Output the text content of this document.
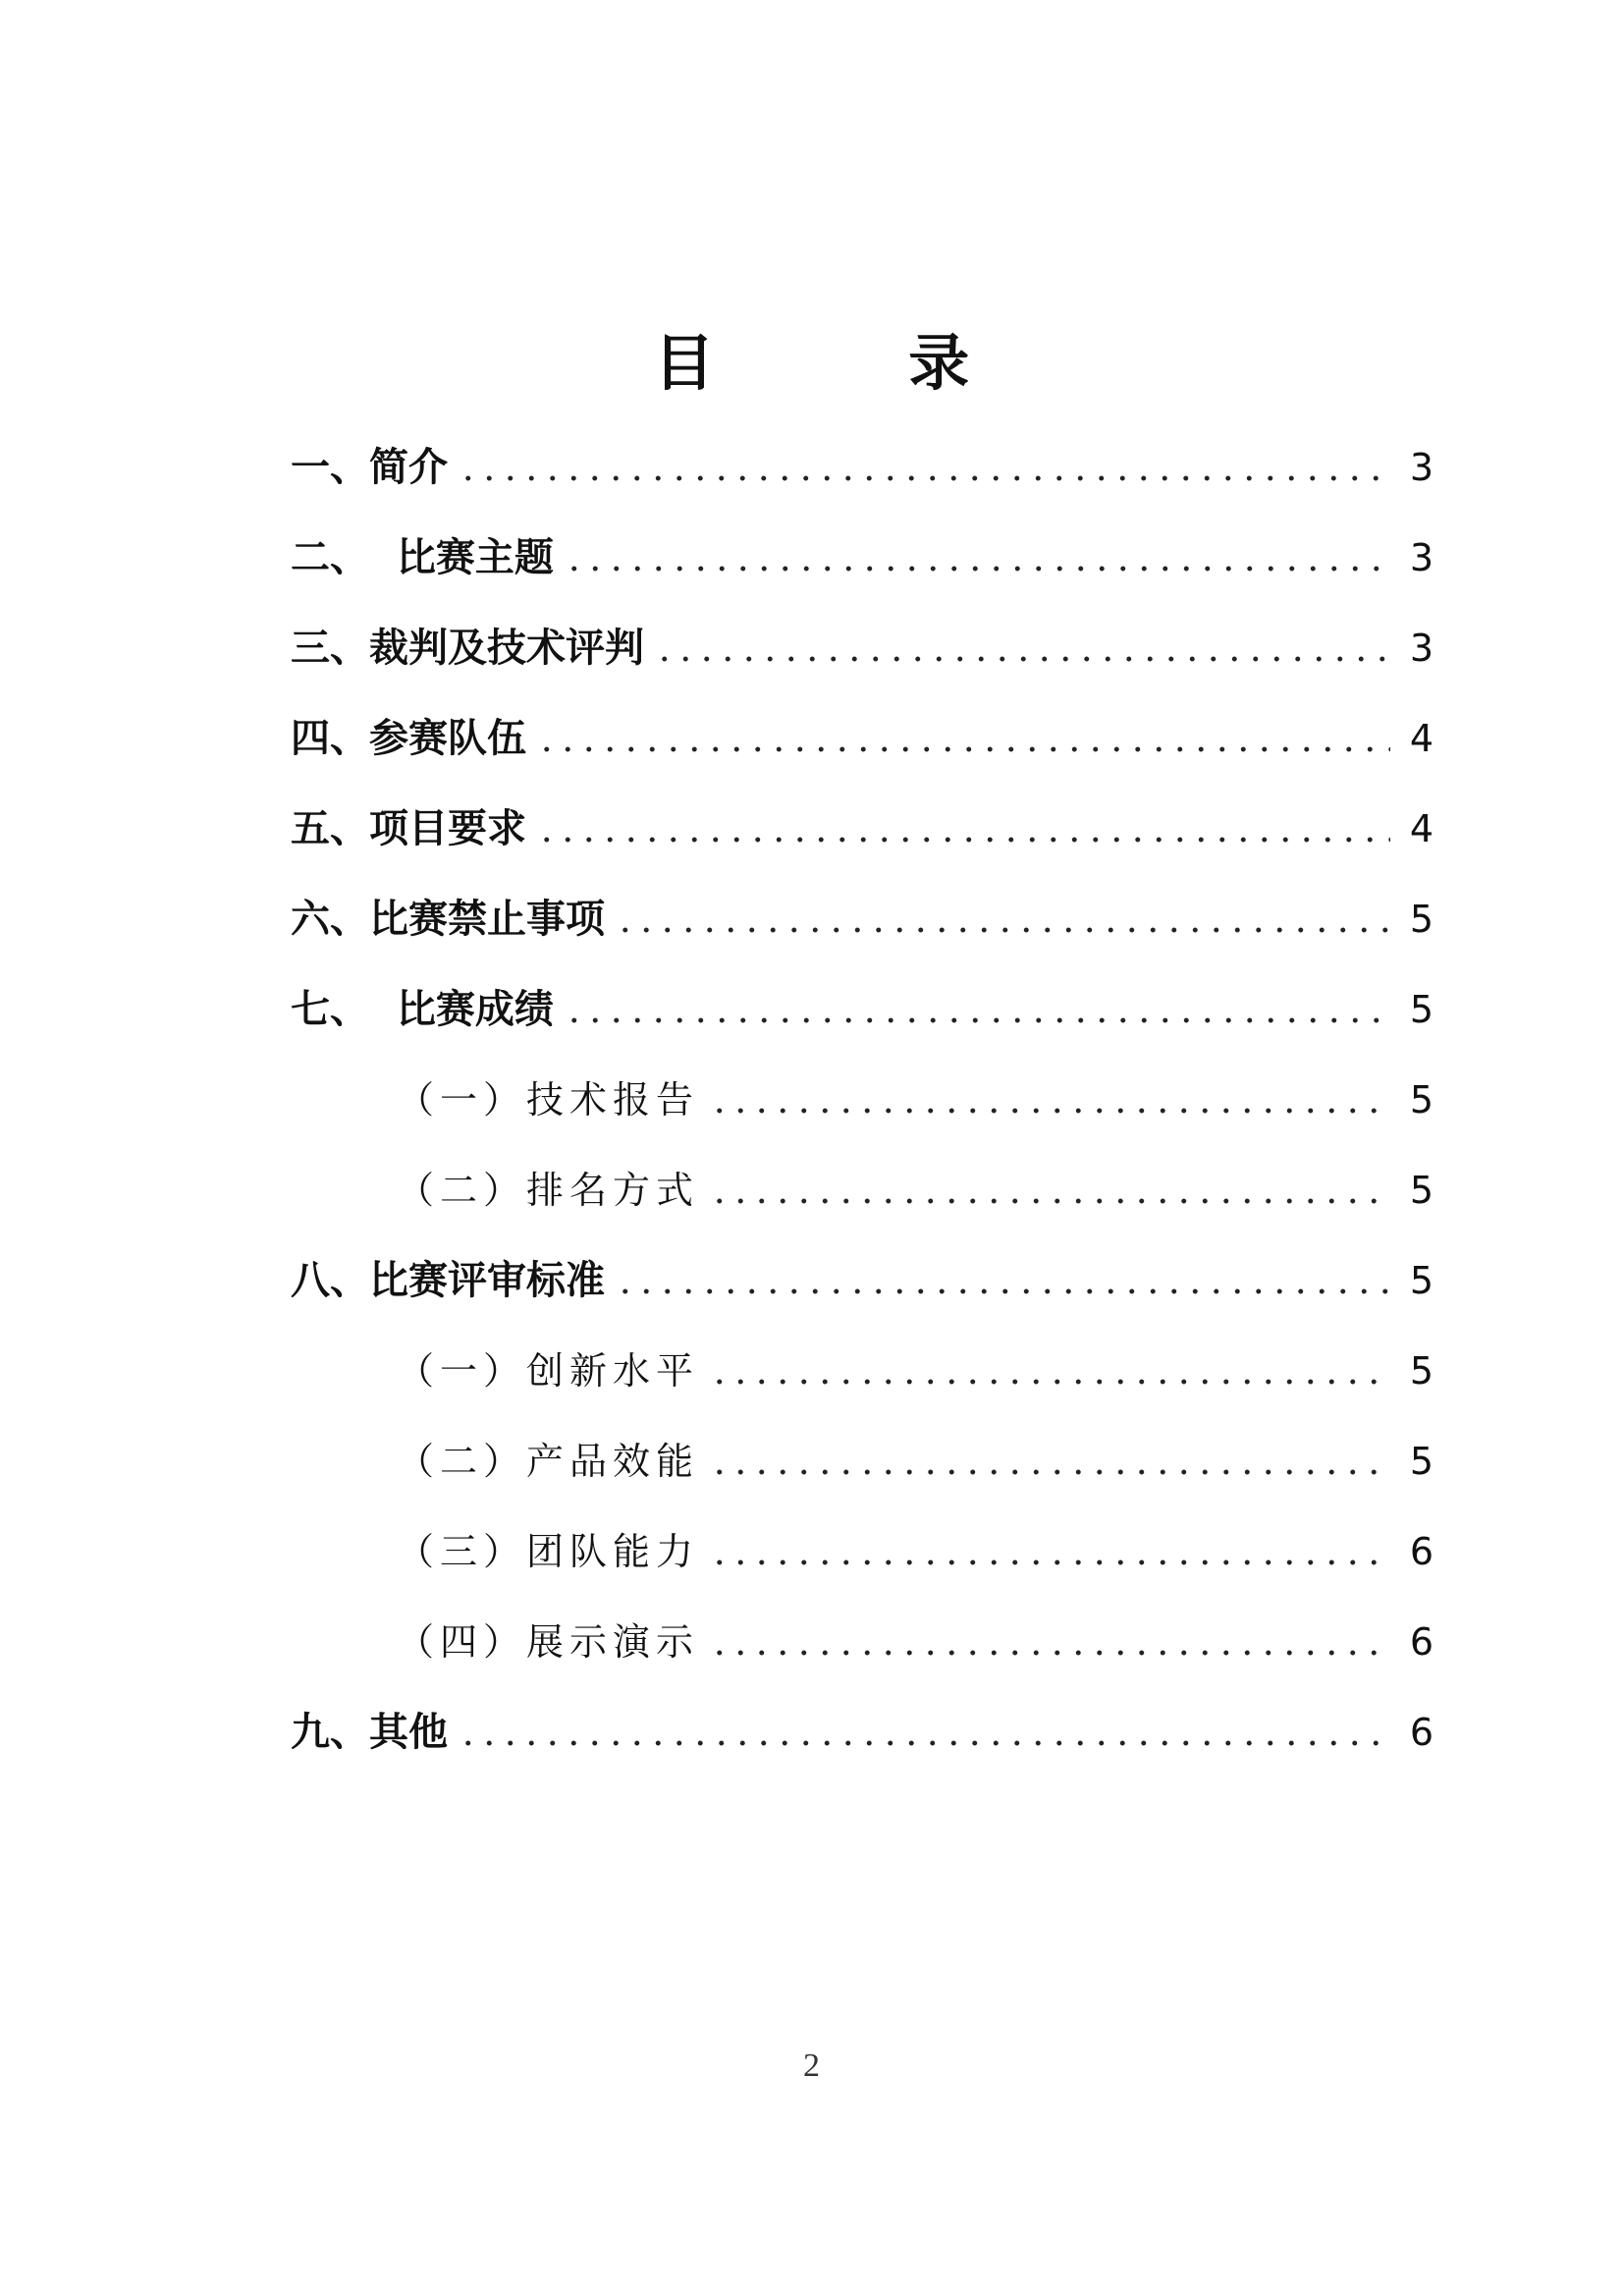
目 录
一、简介	3
二、  比赛主题	3
三、裁判及技术评判	3
四、参赛队伍	4
五、项目要求	4
六、比赛禁止事项	5
七、  比赛成绩	5
（一）技术报告	5
（二）排名方式	5
八、比赛评审标准	5
（一）创新水平	5
（二）产品效能	5
（三）团队能力	6
（四）展示演示	6
九、其他	6
2
